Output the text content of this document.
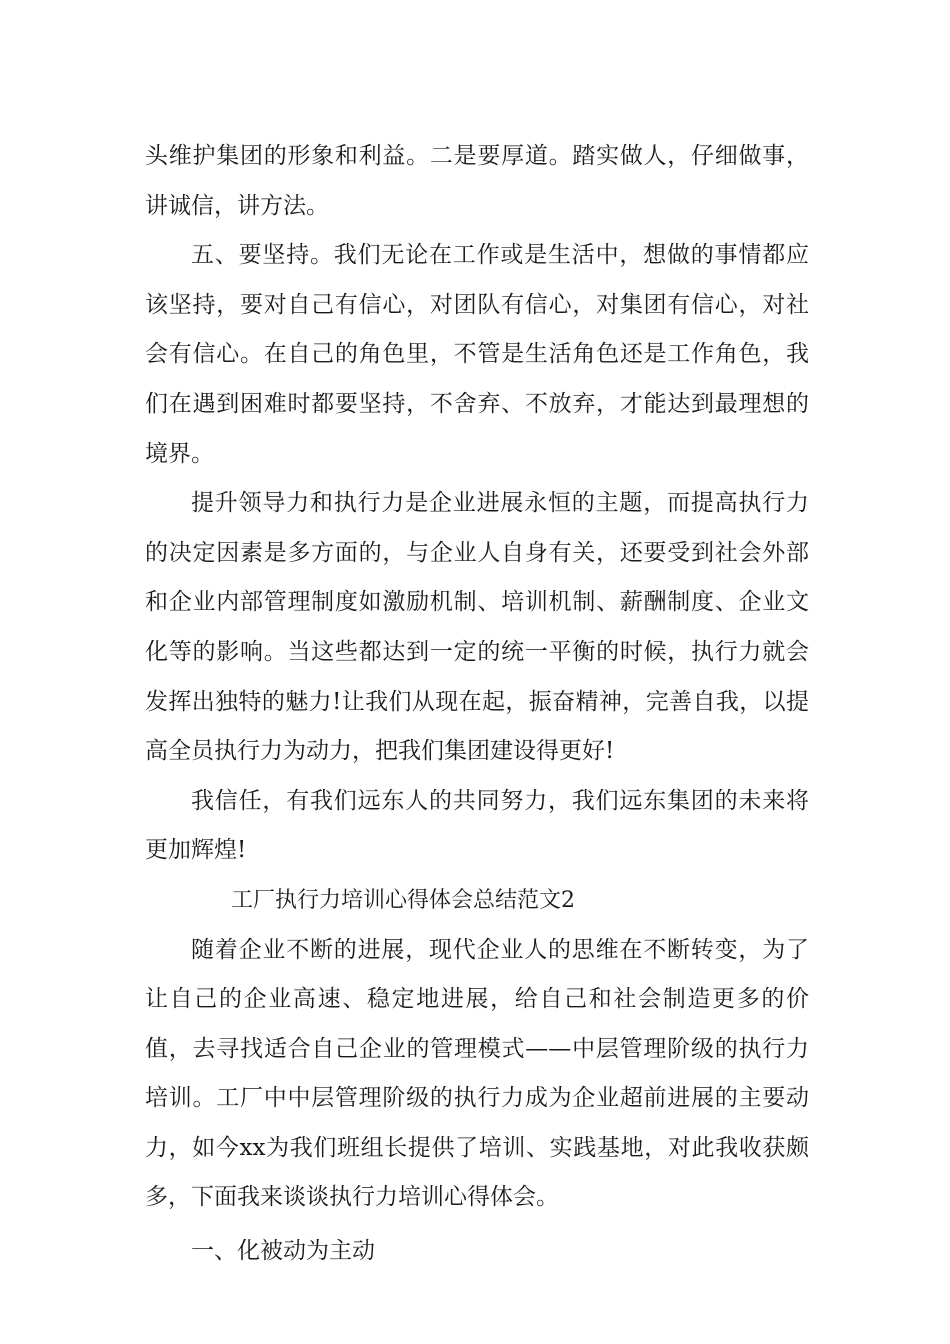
头维护集团的形象和利益。二是要厚道。踏实做人，仔细做事，讲诚信，讲方法。

五、要坚持。我们无论在工作或是生活中，想做的事情都应该坚持，要对自己有信心，对团队有信心，对集团有信心，对社会有信心。在自己的角色里，不管是生活角色还是工作角色，我们在遇到困难时都要坚持，不舍弃、不放弃，才能达到最理想的境界。

提升领导力和执行力是企业进展永恒的主题，而提高执行力的决定因素是多方面的，与企业人自身有关，还要受到社会外部和企业内部管理制度如激励机制、培训机制、薪酬制度、企业文化等的影响。当这些都达到一定的统一平衡的时候，执行力就会发挥出独特的魅力!让我们从现在起，振奋精神，完善自我，以提高全员执行力为动力，把我们集团建设得更好!

我信任，有我们远东人的共同努力，我们远东集团的未来将更加辉煌!

工厂执行力培训心得体会总结范文2

随着企业不断的进展，现代企业人的思维在不断转变，为了让自己的企业高速、稳定地进展，给自己和社会制造更多的价值，去寻找适合自己企业的管理模式——中层管理阶级的执行力培训。工厂中中层管理阶级的执行力成为企业超前进展的主要动力，如今xx为我们班组长提供了培训、实践基地，对此我收获颇多，下面我来谈谈执行力培训心得体会。

一、化被动为主动
